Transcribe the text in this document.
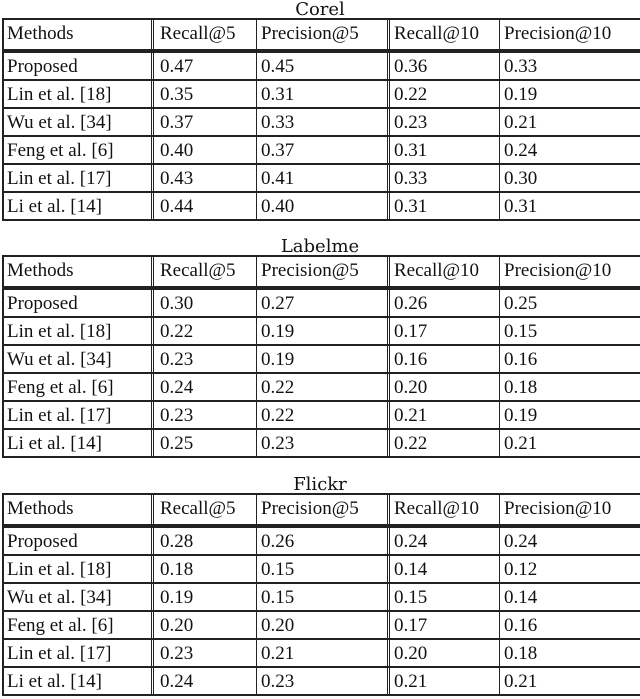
Corel
Methods	Recall@5	Precision@5	Recall@10	Precision@10
Proposed	0.47	0.45	0.36	0.33
Lin et al. [18]	0.35	0.31	0.22	0.19
Wu et al. [34]	0.37	0.33	0.23	0.21
Feng et al. [6]	0.40	0.37	0.31	0.24
Lin et al. [17]	0.43	0.41	0.33	0.30
Li et al. [14]	0.44	0.40	0.31	0.31
Labelme
Methods	Recall@5	Precision@5	Recall@10	Precision@10
Proposed	0.30	0.27	0.26	0.25
Lin et al. [18]	0.22	0.19	0.17	0.15
Wu et al. [34]	0.23	0.19	0.16	0.16
Feng et al. [6]	0.24	0.22	0.20	0.18
Lin et al. [17]	0.23	0.22	0.21	0.19
Li et al. [14]	0.25	0.23	0.22	0.21
Flickr
Methods	Recall@5	Precision@5	Recall@10	Precision@10
Proposed	0.28	0.26	0.24	0.24
Lin et al. [18]	0.18	0.15	0.14	0.12
Wu et al. [34]	0.19	0.15	0.15	0.14
Feng et al. [6]	0.20	0.20	0.17	0.16
Lin et al. [17]	0.23	0.21	0.20	0.18
Li et al. [14]	0.24	0.23	0.21	0.21
